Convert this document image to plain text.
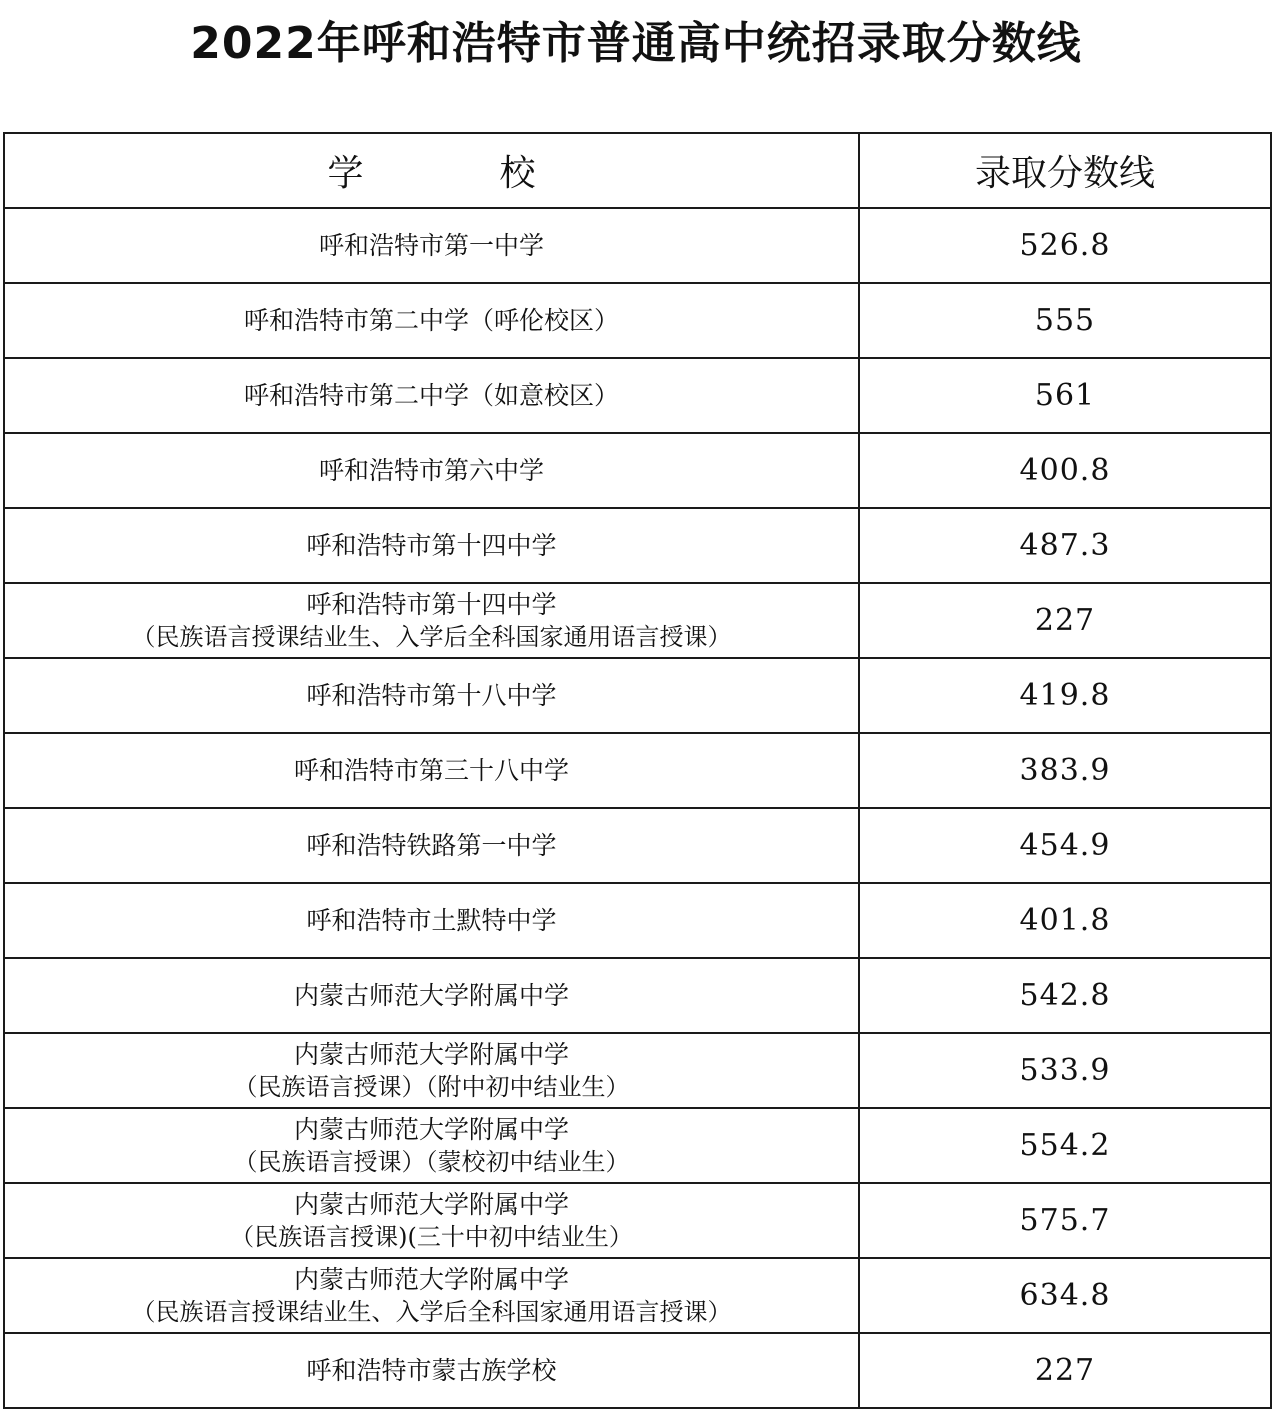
2022年呼和浩特市普通高中统招录取分数线
学　校	录取分数线

呼和浩特市第一中学	526.8

呼和浩特市第二中学（呼伦校区）	555

呼和浩特市第二中学（如意校区）	561

呼和浩特市第六中学	400.8

呼和浩特市第十四中学	487.3

呼和浩特市第十四中学
（民族语言授课结业生、入学后全科国家通用语言授课）	227

呼和浩特市第十八中学	419.8

呼和浩特市第三十八中学	383.9

呼和浩特铁路第一中学	454.9

呼和浩特市土默特中学	401.8

内蒙古师范大学附属中学	542.8

内蒙古师范大学附属中学
（民族语言授课）（附中初中结业生）	533.9

内蒙古师范大学附属中学
（民族语言授课）（蒙校初中结业生）	554.2

内蒙古师范大学附属中学
（民族语言授课)(三十中初中结业生）	575.7

内蒙古师范大学附属中学
（民族语言授课结业生、入学后全科国家通用语言授课）	634.8

呼和浩特市蒙古族学校	227
